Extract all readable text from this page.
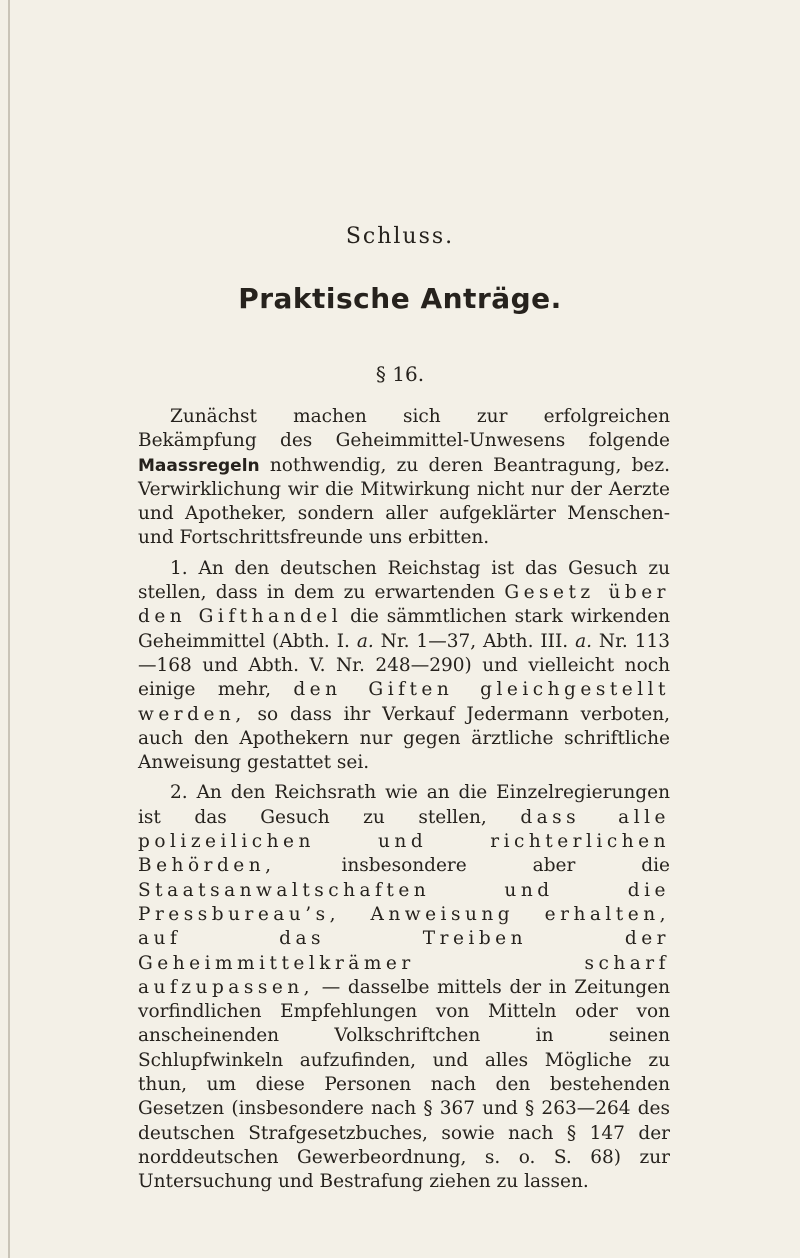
Schluss.
Praktische Anträge.
§ 16.

Zunächst machen sich zur erfolgreichen Bekämpfung des Geheimmittel-Unwesens folgende Maassregeln nothwendig, zu deren Beantragung, bez. Verwirklichung wir die Mitwirkung nicht nur der Aerzte und Apotheker, sondern aller aufgeklärter Menschen- und Fortschrittsfreunde uns erbitten.

1. An den deutschen Reichstag ist das Gesuch zu stellen, dass in dem zu erwartenden Gesetz über den Gifthandel die sämmtlichen stark wirkenden Geheimmittel (Abth. I. a. Nr. 1—37, Abth. III. a. Nr. 113—168 und Abth. V. Nr. 248—290) und vielleicht noch einige mehr, den Giften gleichgestellt werden, so dass ihr Verkauf Jedermann verboten, auch den Apothekern nur gegen ärztliche schriftliche Anweisung gestattet sei.

2. An den Reichsrath wie an die Einzelregierungen ist das Gesuch zu stellen, dass alle polizeilichen und richterlichen Behörden, insbesondere aber die Staatsanwaltschaften und die Pressbureau’s, Anweisung erhalten, auf das Treiben der Geheimmittelkrämer scharf aufzupassen, — dasselbe mittels der in Zeitungen vorfindlichen Empfehlungen von Mitteln oder von anscheinenden Volkschriftchen in seinen Schlupfwinkeln aufzufinden, und alles Mögliche zu thun, um diese Personen nach den bestehenden Gesetzen (insbesondere nach § 367 und § 263—264 des deutschen Strafgesetzbuches, sowie nach § 147 der norddeutschen Gewerbeordnung, s. o. S. 68) zur Untersuchung und Bestrafung ziehen zu lassen.
